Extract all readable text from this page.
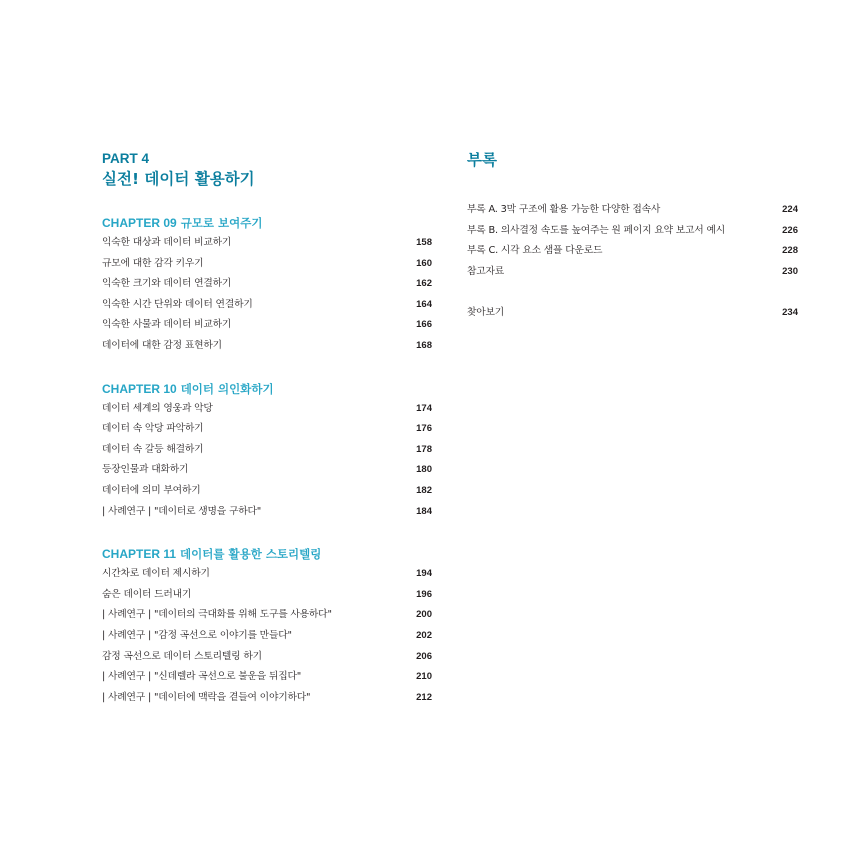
PART 4

실전! 데이터 활용하기

CHAPTER 09 규모로 보여주기

익숙한 대상과 데이터 비교하기	158
규모에 대한 감각 키우기	160
익숙한 크기와 데이터 연결하기	162
익숙한 시간 단위와 데이터 연결하기	164
익숙한 사물과 데이터 비교하기	166
데이터에 대한 감정 표현하기	168

CHAPTER 10 데이터 의인화하기

데이터 세계의 영웅과 악당	174
데이터 속 악당 파악하기	176
데이터 속 갈등 해결하기	178
등장인물과 대화하기	180
데이터에 의미 부여하기	182
| 사례연구 | "데이터로 생명을 구하다"	184

CHAPTER 11 데이터를 활용한 스토리텔링

시간차로 데이터 제시하기	194
숨은 데이터 드러내기	196
| 사례연구 | "데이터의 극대화를 위해 도구를 사용하다"	200
| 사례연구 | "감정 곡선으로 이야기를 만들다"	202
감정 곡선으로 데이터 스토리텔링 하기	206
| 사례연구 | "신데렐라 곡선으로 불운을 뒤집다"	210
| 사례연구 | "데이터에 맥락을 곁들여 이야기하다"	212

부록

부록 A. 3막 구조에 활용 가능한 다양한 접속사	224
부록 B. 의사결정 속도를 높여주는 원 페이지 요약 보고서 예시	226
부록 C. 시각 요소 샘플 다운로드	228
참고자료	230
찾아보기	234
